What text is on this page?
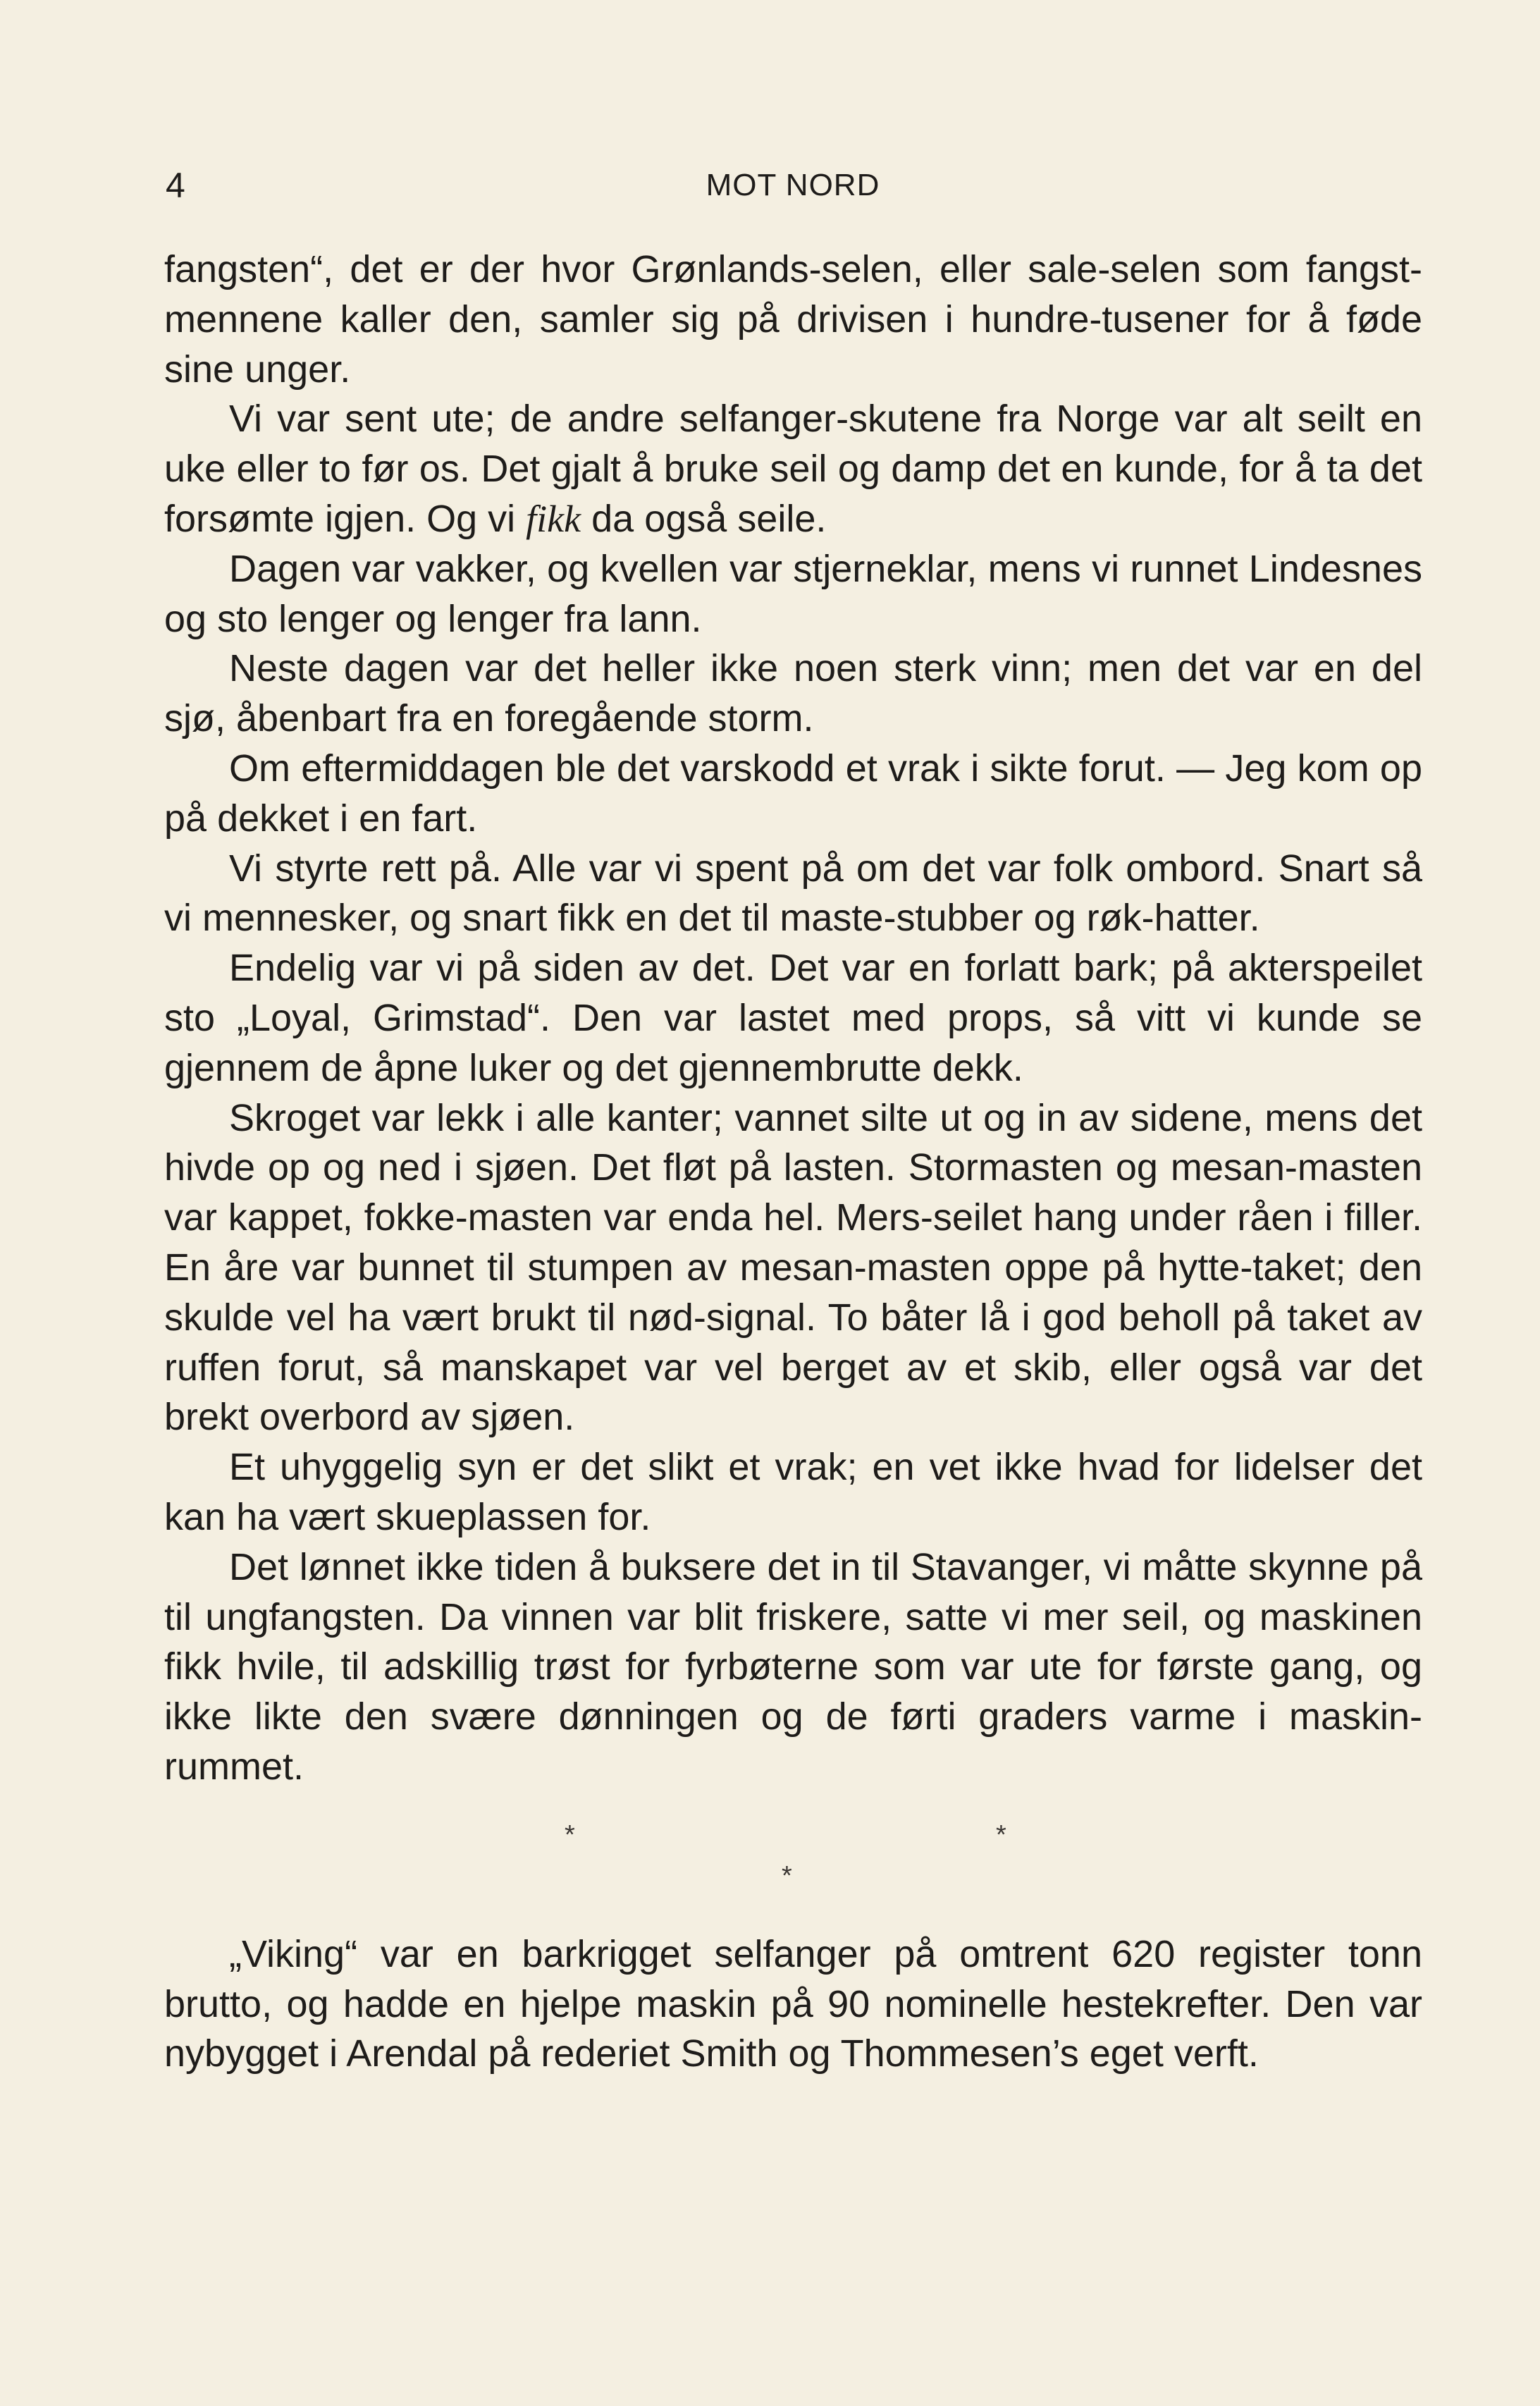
4	MOT NORD

fangsten“, det er der hvor Grønlands-selen, eller sale-selen som fangst-mennene kaller den, samler sig på drivisen i hundre-tusener for å føde sine unger.

Vi var sent ute; de andre selfanger-skutene fra Norge var alt seilt en uke eller to før os. Det gjalt å bruke seil og damp det en kunde, for å ta det forsømte igjen. Og vi fikk da også seile.

Dagen var vakker, og kvellen var stjerneklar, mens vi runnet Lindesnes og sto lenger og lenger fra lann.

Neste dagen var det heller ikke noen sterk vinn; men det var en del sjø, åbenbart fra en foregående storm.

Om eftermiddagen ble det varskodd et vrak i sikte forut. — Jeg kom op på dekket i en fart.

Vi styrte rett på. Alle var vi spent på om det var folk ombord. Snart så vi mennesker, og snart fikk en det til maste-stubber og røk-hatter.

Endelig var vi på siden av det. Det var en forlatt bark; på akterspeilet sto „Loyal, Grimstad“. Den var lastet med props, så vitt vi kunde se gjennem de åpne luker og det gjennembrutte dekk.

Skroget var lekk i alle kanter; vannet silte ut og in av sidene, mens det hivde op og ned i sjøen. Det fløt på lasten. Stormasten og mesan-masten var kappet, fokke-masten var enda hel. Mers-seilet hang under råen i filler. En åre var bunnet til stumpen av mesan-masten oppe på hytte-taket; den skulde vel ha vært brukt til nød-signal. To båter lå i god beholl på taket av ruffen forut, så manskapet var vel berget av et skib, eller også var det brekt overbord av sjøen.

Et uhyggelig syn er det slikt et vrak; en vet ikke hvad for lidelser det kan ha vært skueplassen for.

Det lønnet ikke tiden å buksere det in til Stavanger, vi måtte skynne på til ungfangsten. Da vinnen var blit friskere, satte vi mer seil, og maskinen fikk hvile, til adskillig trøst for fyrbøterne som var ute for første gang, og ikke likte den svære dønningen og de førti graders varme i maskin-rummet.

*	*
*

„Viking“ var en barkrigget selfanger på omtrent 620 register tonn brutto, og hadde en hjelpe maskin på 90 nominelle hestekrefter. Den var nybygget i Arendal på rederiet Smith og Thommesen’s eget verft.
